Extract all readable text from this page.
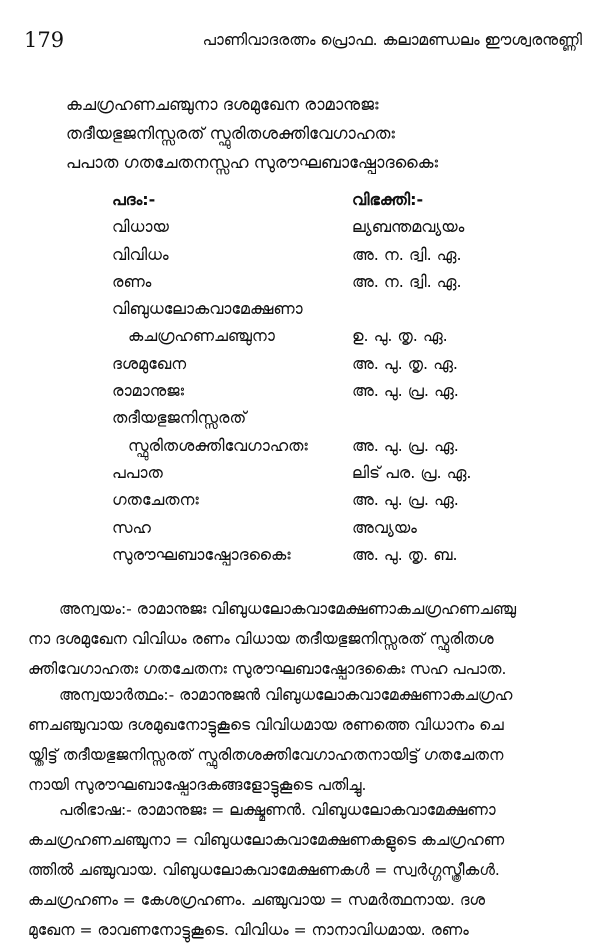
179	പാണിവാദരത്നം പ്രൊഫ. കലാമണ്ഡലം ഈശ്വരനുണ്ണി
കചഗ്രഹണചഞ്ചുനാ ദശമുഖേന രാമാനുജഃ
തദീയഭുജനിസ്സരത് സ്ഫുരിതശക്തിവേഗാഹതഃ
പപാത ഗതചേതനസ്സഹ സുരൗഘബാഷ്പോദകൈഃ
പദം:-	വിഭക്തി:-
വിധായ	ല്യബന്തമവ്യയം
വിവിധം	അ. ന. ദ്വി. ഏ.
രണം	അ. ന. ദ്വി. ഏ.
വിബുധലോകവാമേക്ഷണാ
കചഗ്രഹണചഞ്ചുനാ	ഉ. പു. തൃ. ഏ.
ദശമുഖേന	അ. പു. തൃ. ഏ.
രാമാനുജഃ	അ. പു. പ്ര. ഏ.
തദീയഭുജനിസ്സരത്
സ്ഫുരിതശക്തിവേഗാഹതഃ	അ. പു. പ്ര. ഏ.
പപാത	ലിട് പര. പ്ര. ഏ.
ഗതചേതനഃ	അ. പു. പ്ര. ഏ.
സഹ	അവ്യയം
സുരൗഘബാഷ്പോദകൈഃ	അ. പു. തൃ. ബ.
അന്വയം:- രാമാനുജഃ വിബുധലോകവാമേക്ഷണാകചഗ്രഹണചഞ്ചു
നാ ദശമുഖേന വിവിധം രണം വിധായ തദീയഭുജനിസ്സരത് സ്ഫുരിതശ
ക്തിവേഗാഹതഃ ഗതചേതനഃ സുരൗഘബാഷ്പോദകൈഃ സഹ പപാത.
അന്വയാർത്ഥം:- രാമാനുജൻ വിബുധലോകവാമേക്ഷണാകചഗ്രഹ
ണചഞ്ചുവായ ദശമുഖനോട്ടുകൂടെ വിവിധമായ രണത്തെ വിധാനം ചെ
യ്തിട്ട് തദീയഭുജനിസ്സരത് സ്ഫുരിതശക്തിവേഗാഹതനായിട്ട് ഗതചേതന
നായി സുരൗഘബാഷ്പോദകങ്ങളോട്ടുകൂടെ പതിച്ചു.
പരിഭാഷ:- രാമാനുജഃ = ലക്ഷ്മണൻ. വിബുധലോകവാമേക്ഷണാ
കചഗ്രഹണചഞ്ചുനാ = വിബുധലോകവാമേക്ഷണകളുടെ കചഗ്രഹണ
ത്തിൽ ചഞ്ചുവായ. വിബുധലോകവാമേക്ഷണകൾ = സ്വർഗ്ഗസ്ത്രീകൾ.
കചഗ്രഹണം = കേശഗ്രഹണം. ചഞ്ചുവായ = സമർത്ഥനായ. ദശ
മുഖേന = രാവണനോട്ടുകൂടെ. വിവിധം = നാനാവിധമായ. രണം
